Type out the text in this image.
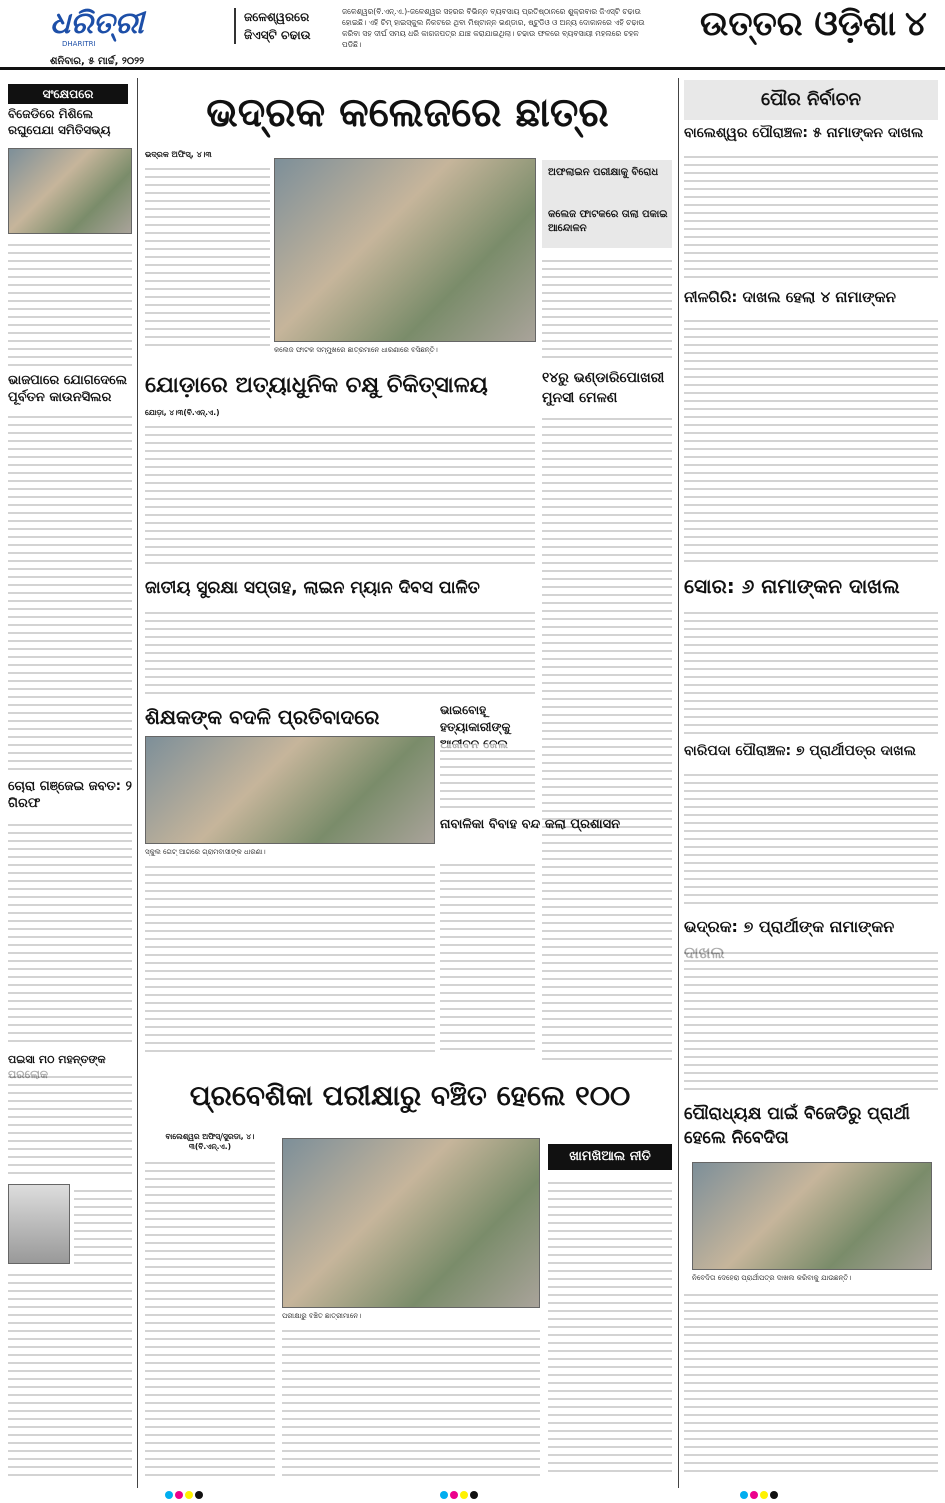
ଧରିତ୍ରୀ
DHARITRI
ଶନିବାର, ୫ ମାର୍ଚ୍ଚ, ୨୦୨୨
ଜଳେଶ୍ୱରରେ ଜିଏସ୍‌ଟି ଚଢାଉ
ଜଳେଶ୍ୱର(ବି.ଏନ୍‌.ଏ.)-ଜଳେଶ୍ୱର ସହରର ବିଭିନ୍ନ ବ୍ୟବସାୟ ପ୍ରତିଷ୍ଠାନରେ ଶୁକ୍ରବାର ଜିଏସ୍‌ଟି ଚଢାଉ ହୋଇଛି। ଏହି ଚିମ୍‌ ହାଇସ୍କୁଲ ନିକଟରେ ଥିବା ମିଷ୍ଟାନ୍ନ ଭଣ୍ଡାର, ଷ୍ଟୁଡିଓ ଓ ଅନ୍ୟ ଦୋକାନରେ ଏହି ଚଢାଉ କରିବା ସହ ଦୀର୍ଘ ସମୟ ଧରି କାଗଜପତ୍ର ଯାଞ୍ଚ କରାଯାଇଥିଲା। ଚଢାଉ ଫଳରେ ବ୍ୟବସାୟୀ ମହଲରେ ଚହଳ ପଡିଛି।
ଉତ୍ତର ଓଡ଼ିଶା ୪
ସଂକ୍ଷେପରେ
ବିଜେଡିରେ ମିଶିଲେ ରଘୁପେଯା ସମିତିସଭ୍ୟ
ଭାଜପାରେ ଯୋଗଦେଲେ ପୂର୍ବତନ କାଉନସିଲର
ଚୋରା ଗଞ୍ଜେଇ ଜବତ: ୨ ଗିରଫ
ପଇସା ମଠ ମହନ୍ତଙ୍କ
ଭଦ୍ରକ କଲେଜରେ ଛାତ୍ର
ଭଦ୍ରକ ଅଫିସ୍‌, ୪।୩
କଲେଜ ଫାଟକ ସମ୍ମୁଖରେ ଛାତ୍ରମାନେ ଧାରଣାରେ ବସିଛନ୍ତି।
ଅଫଲାଇନ ପରୀକ୍ଷାକୁ ବିରୋଧ
କଲେଜ ଫାଟକରେ ତାଲା ପକାଇ ଆନ୍ଦୋଳନ
ଯୋଡ଼ାରେ ଅତ୍ୟାଧୁନିକ ଚକ୍ଷୁ ଚିକିତ୍ସାଳୟ
ଯୋଡ଼ା, ୪।୩(ବି.ଏନ୍‌.ଏ.)
୧୪ରୁ ଭଣ୍ଡାରିପୋଖରୀ ମୁନସୀ ମେଳଣ
ଜାତୀୟ ସୁରକ୍ଷା ସପ୍ତାହ, ଲାଇନ ମ୍ୟାନ ଦିବସ ପାଳିତ
ଶିକ୍ଷକଙ୍କ ବଦଳି ପ୍ରତିବାଦରେ
ସ୍କୁଲ ଗେଟ୍‌ ଆଗରେ ଗ୍ରାମବାସୀଙ୍କ ଧାରଣା।
ଭାଇବୋହୂ ହତ୍ୟାକାରୀଙ୍କୁ
ନାବାଳିକା ବିବାହ ବନ୍ଦ କଲା ପ୍ରଶାସନ
ପ୍ରବେଶିକା ପରୀକ୍ଷାରୁ ବଞ୍ଚିତ ହେଲେ ୧୦୦
ବାଲେଶ୍ୱର ଅଫିସ୍‌/ସୁରଡା, ୪।୩(ବି.ଏନ୍‌.ଏ.)
ପରୀକ୍ଷାରୁ ବଞ୍ଚିତ ଛାତ୍ରୀମାନେ।
ଖାମଖିଆଲ ନୀତି
ପୌର ନିର୍ବାଚନ
ବାଲେଶ୍ୱର ପୌରାଞ୍ଚଳ: ୫ ନାମାଙ୍କନ ଦାଖଲ
ନୀଳଗିରି: ଦାଖଲ ହେଲା ୪ ନାମାଙ୍କନ
ସୋର: ୬ ନାମାଙ୍କନ ଦାଖଲ
ବାରିପଦା ପୌରାଞ୍ଚଳ: ୭ ପ୍ରାର୍ଥୀପତ୍ର ଦାଖଲ
ଭଦ୍ରକ: ୭ ପ୍ରାର୍ଥୀଙ୍କ ନାମାଙ୍କନ
ପୌରାଧ୍ୟକ୍ଷ ପାଇଁ ବିଜେଡିରୁ ପ୍ରାର୍ଥୀ ହେଲେ ନିବେଦିତା
ନିବେଦିତା ଦେହେରା ପ୍ରାର୍ଥୀପତ୍ର ଦାଖଲ କରିବାକୁ ଯାଉଛନ୍ତି।
